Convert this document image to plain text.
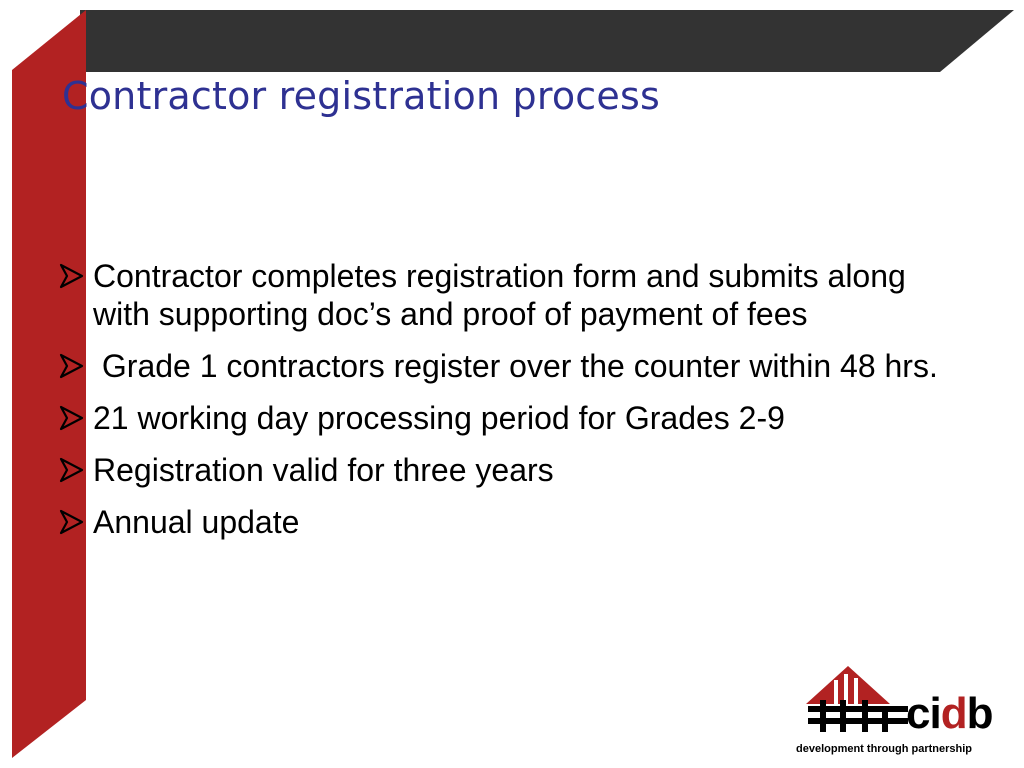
Contractor registration process
Contractor completes registration form and submits along with supporting doc’s and proof of payment of fees
Grade 1 contractors register over the counter within 48 hrs.
21 working day processing period for Grades 2-9
Registration valid for three years
Annual update
cidb
development through partnership
